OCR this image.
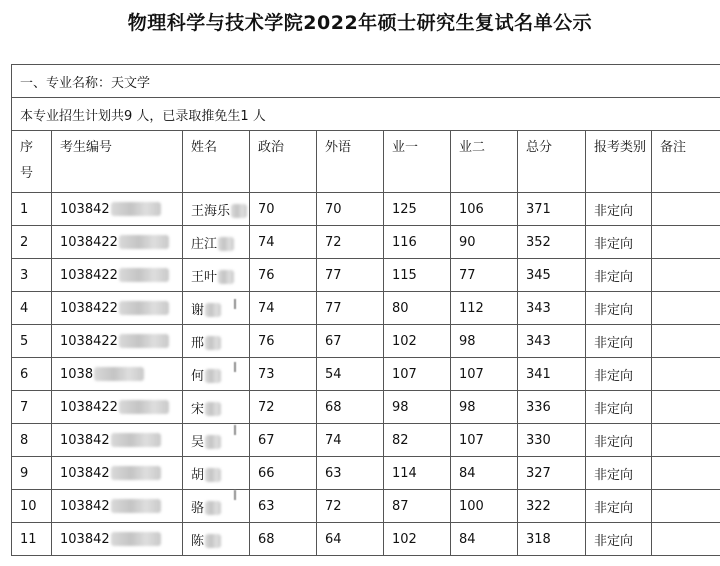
物理科学与技术学院2022年硕士研究生复试名单公示
一、专业名称：天文学									
本专业招生计划共9 人，已录取推免生1 人									

序号	考生编号	姓名	政治	外语	业一	业二	总分	报考类别	备注
1	103842	王海乐	70	70	125	106	371	非定向	
2	1038422	庄江	74	72	116	90	352	非定向	
3	1038422	王叶	76	77	115	77	345	非定向	
4	1038422	谢	74	77	80	112	343	非定向	
5	1038422	邢	76	67	102	98	343	非定向	
6	1038	何	73	54	107	107	341	非定向	
7	1038422	宋	72	68	98	98	336	非定向	
8	103842	吴	67	74	82	107	330	非定向	
9	103842	胡	66	63	114	84	327	非定向	
10	103842	骆	63	72	87	100	322	非定向	
11	103842	陈	68	64	102	84	318	非定向	
